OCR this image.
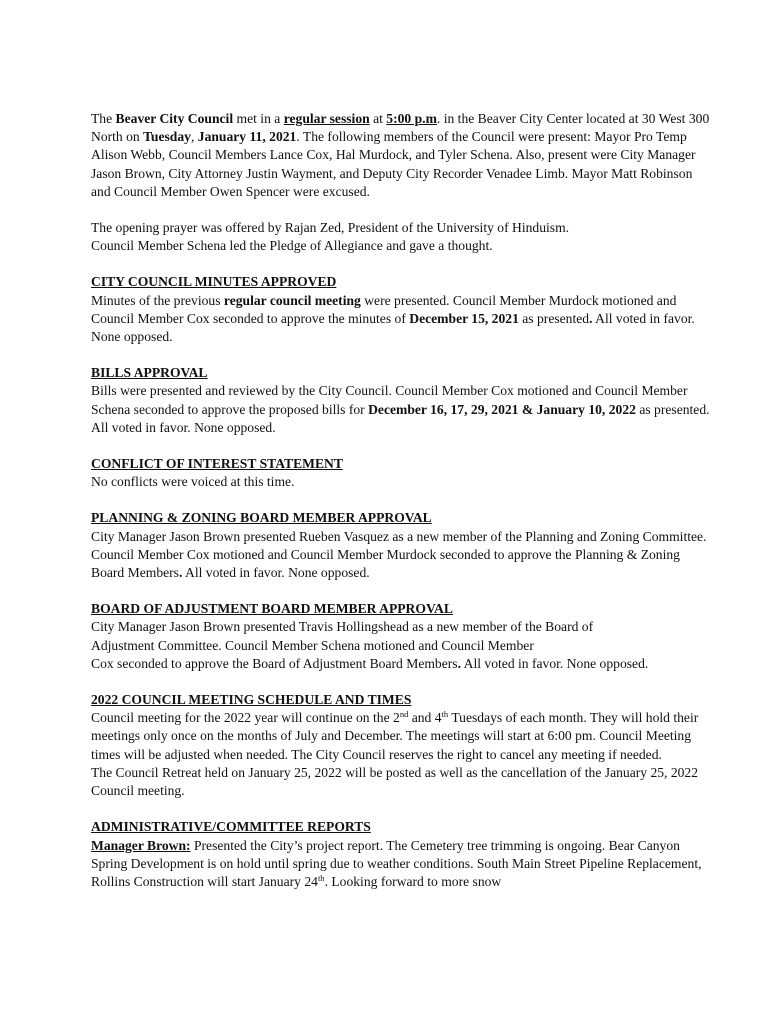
The Beaver City Council met in a regular session at 5:00 p.m. in the Beaver City Center located at 30 West 300 North on Tuesday, January 11, 2021. The following members of the Council were present: Mayor Pro Temp Alison Webb, Council Members Lance Cox, Hal Murdock, and Tyler Schena. Also, present were City Manager Jason Brown, City Attorney Justin Wayment, and Deputy City Recorder Venadee Limb. Mayor Matt Robinson and Council Member Owen Spencer were excused.

The opening prayer was offered by Rajan Zed, President of the University of Hinduism.

Council Member Schena led the Pledge of Allegiance and gave a thought.

CITY COUNCIL MINUTES APPROVED

Minutes of the previous regular council meeting were presented. Council Member Murdock motioned and Council Member Cox seconded to approve the minutes of December 15, 2021 as presented. All voted in favor. None opposed.

BILLS APPROVAL

Bills were presented and reviewed by the City Council. Council Member Cox motioned and Council Member Schena seconded to approve the proposed bills for December 16, 17, 29, 2021 & January 10, 2022 as presented. All voted in favor. None opposed.

CONFLICT OF INTEREST STATEMENT

No conflicts were voiced at this time.

PLANNING & ZONING BOARD MEMBER APPROVAL

City Manager Jason Brown presented Rueben Vasquez as a new member of the Planning and Zoning Committee. Council Member Cox motioned and Council Member Murdock seconded to approve the Planning & Zoning Board Members. All voted in favor. None opposed.

BOARD OF ADJUSTMENT BOARD MEMBER APPROVAL

City Manager Jason Brown presented Travis Hollingshead as a new member of the Board of

Adjustment Committee. Council Member Schena motioned and Council Member

Cox seconded to approve the Board of Adjustment Board Members. All voted in favor. None opposed.

2022 COUNCIL MEETING SCHEDULE AND TIMES

Council meeting for the 2022 year will continue on the 2nd and 4th Tuesdays of each month. They will hold their meetings only once on the months of July and December. The meetings will start at 6:00 pm. Council Meeting times will be adjusted when needed. The City Council reserves the right to cancel any meeting if needed.

The Council Retreat held on January 25, 2022 will be posted as well as the cancellation of the January 25, 2022 Council meeting.

ADMINISTRATIVE/COMMITTEE REPORTS

Manager Brown: Presented the City’s project report. The Cemetery tree trimming is ongoing. Bear Canyon Spring Development is on hold until spring due to weather conditions. South Main Street Pipeline Replacement, Rollins Construction will start January 24th. Looking forward to more snow
